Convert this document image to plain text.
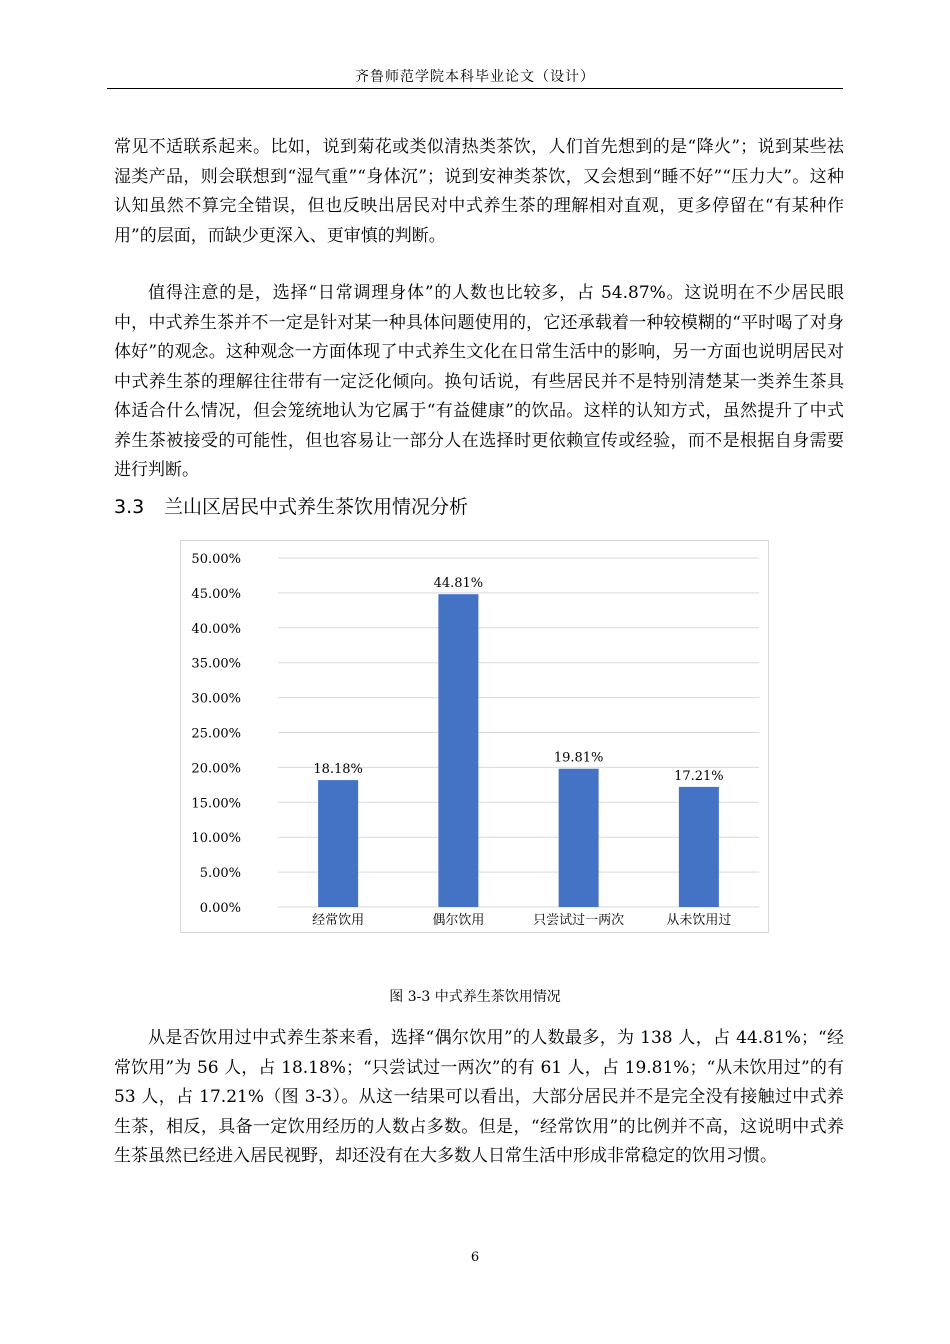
齐鲁师范学院本科毕业论文（设计）

常见不适联系起来。比如，说到菊花或类似清热类茶饮，人们首先想到的是“降火”；说到某些祛湿类产品，则会联想到“湿气重”“身体沉”；说到安神类茶饮，又会想到“睡不好”“压力大”。这种认知虽然不算完全错误，但也反映出居民对中式养生茶的理解相对直观，更多停留在“有某种作用”的层面，而缺少更深入、更审慎的判断。

值得注意的是，选择“日常调理身体”的人数也比较多，占 54.87%。这说明在不少居民眼中，中式养生茶并不一定是针对某一种具体问题使用的，它还承载着一种较模糊的“平时喝了对身体好”的观念。这种观念一方面体现了中式养生文化在日常生活中的影响，另一方面也说明居民对中式养生茶的理解往往带有一定泛化倾向。换句话说，有些居民并不是特别清楚某一类养生茶具体适合什么情况，但会笼统地认为它属于“有益健康”的饮品。这样的认知方式，虽然提升了中式养生茶被接受的可能性，但也容易让一部分人在选择时更依赖宣传或经验，而不是根据自身需要进行判断。

3.3 兰山区居民中式养生茶饮用情况分析
0.00%
5.00%
10.00%
15.00%
20.00%
25.00%
30.00%
35.00%
40.00%
45.00%
50.00%
18.18%
经常饮用
44.81%
偶尔饮用
19.81%
只尝试过一两次
17.21%
从未饮用过
图 3-3 中式养生茶饮用情况

从是否饮用过中式养生茶来看，选择“偶尔饮用”的人数最多，为 138 人，占 44.81%；“经常饮用”为 56 人，占 18.18%；“只尝试过一两次”的有 61 人，占 19.81%；“从未饮用过”的有 53 人，占 17.21%（图 3-3）。从这一结果可以看出，大部分居民并不是完全没有接触过中式养生茶，相反，具备一定饮用经历的人数占多数。但是，“经常饮用”的比例并不高，这说明中式养生茶虽然已经进入居民视野，却还没有在大多数人日常生活中形成非常稳定的饮用习惯。

6
